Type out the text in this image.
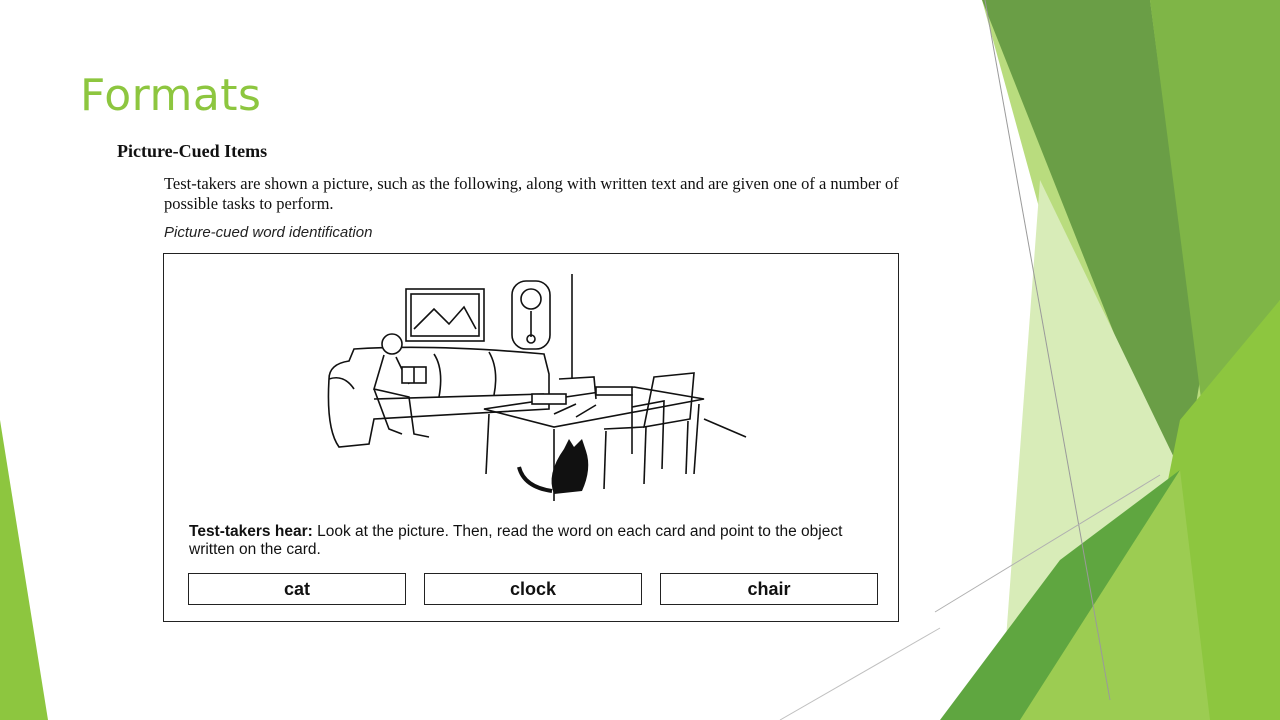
Formats
Picture-Cued Items
Test-takers are shown a picture, such as the following, along with written text and are given one of a number of possible tasks to perform.
Picture-cued word identification
Test-takers hear: Look at the picture. Then, read the word on each card and point to the object written on the card.
cat	clock	chair
